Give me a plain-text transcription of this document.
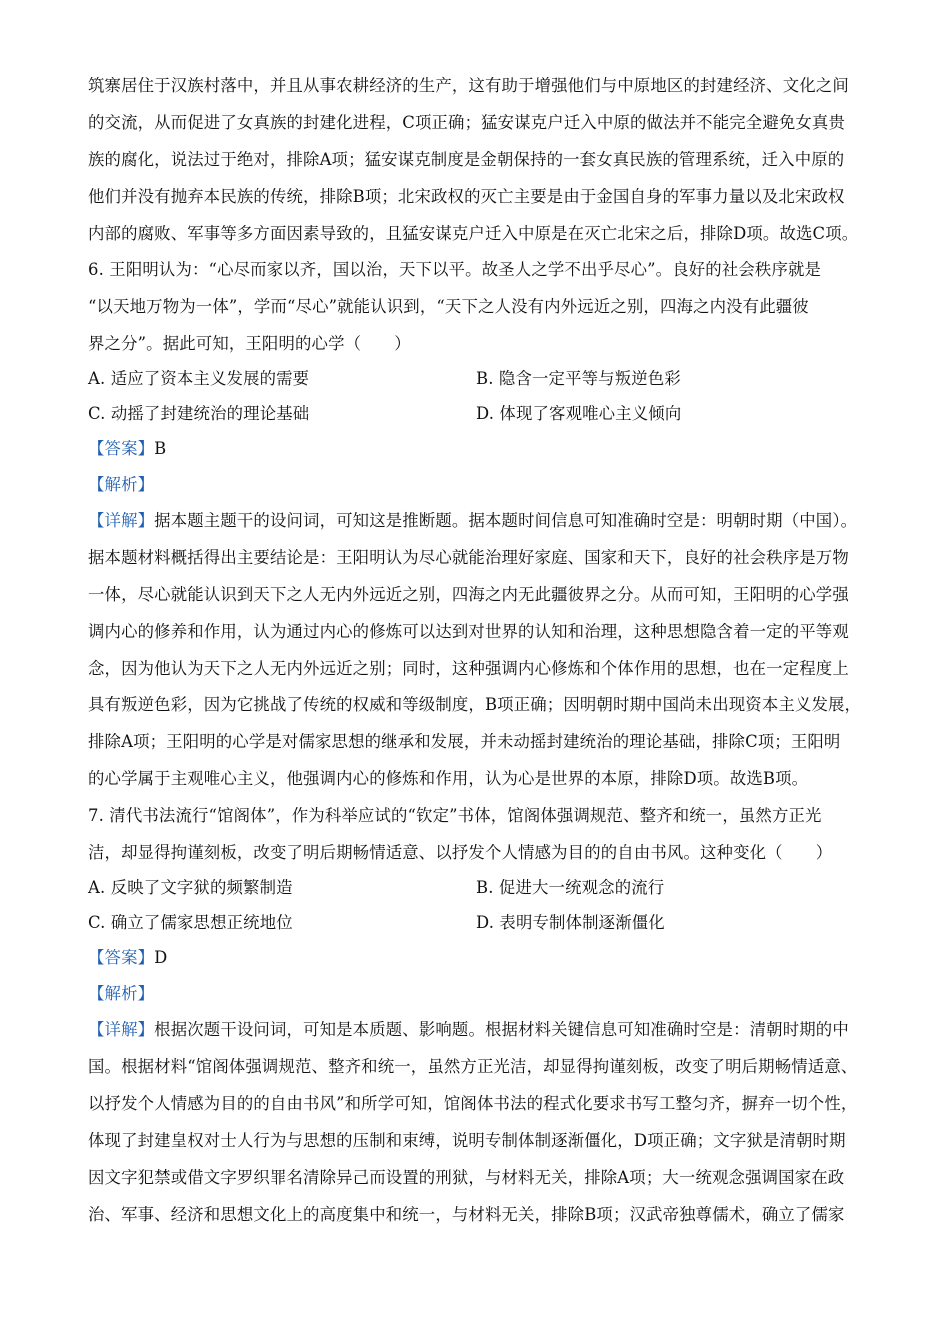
筑寨居住于汉族村落中，并且从事农耕经济的生产，这有助于增强他们与中原地区的封建经济、文化之间
的交流，从而促进了女真族的封建化进程，C项正确；猛安谋克户迁入中原的做法并不能完全避免女真贵
族的腐化，说法过于绝对，排除A项；猛安谋克制度是金朝保持的一套女真民族的管理系统，迁入中原的
他们并没有抛弃本民族的传统，排除B项；北宋政权的灭亡主要是由于金国自身的军事力量以及北宋政权
内部的腐败、军事等多方面因素导致的，且猛安谋克户迁入中原是在灭亡北宋之后，排除D项。故选C项。
6. 王阳明认为：“心尽而家以齐，国以治，天下以平。故圣人之学不出乎尽心”。良好的社会秩序就是
“以天地万物为一体”，学而“尽心”就能认识到，“天下之人没有内外远近之别，四海之内没有此疆彼
界之分”。据此可知，王阳明的心学（　　）
A. 适应了资本主义发展的需要	B. 隐含一定平等与叛逆色彩
C. 动摇了封建统治的理论基础	D. 体现了客观唯心主义倾向
【答案】B
【解析】
【详解】据本题主题干的设问词，可知这是推断题。据本题时间信息可知准确时空是：明朝时期（中国）。
据本题材料概括得出主要结论是：王阳明认为尽心就能治理好家庭、国家和天下，良好的社会秩序是万物
一体，尽心就能认识到天下之人无内外远近之别，四海之内无此疆彼界之分。从而可知，王阳明的心学强
调内心的修养和作用，认为通过内心的修炼可以达到对世界的认知和治理，这种思想隐含着一定的平等观
念，因为他认为天下之人无内外远近之别；同时，这种强调内心修炼和个体作用的思想，也在一定程度上
具有叛逆色彩，因为它挑战了传统的权威和等级制度，B项正确；因明朝时期中国尚未出现资本主义发展，
排除A项；王阳明的心学是对儒家思想的继承和发展，并未动摇封建统治的理论基础，排除C项；王阳明
的心学属于主观唯心主义，他强调内心的修炼和作用，认为心是世界的本原，排除D项。故选B项。
7. 清代书法流行“馆阁体”，作为科举应试的“钦定”书体，馆阁体强调规范、整齐和统一，虽然方正光
洁，却显得拘谨刻板，改变了明后期畅情适意、以抒发个人情感为目的的自由书风。这种变化（　　）
A. 反映了文字狱的频繁制造	B. 促进大一统观念的流行
C. 确立了儒家思想正统地位	D. 表明专制体制逐渐僵化
【答案】D
【解析】
【详解】根据次题干设问词，可知是本质题、影响题。根据材料关键信息可知准确时空是：清朝时期的中
国。根据材料“馆阁体强调规范、整齐和统一，虽然方正光洁，却显得拘谨刻板，改变了明后期畅情适意、
以抒发个人情感为目的的自由书风”和所学可知，馆阁体书法的程式化要求书写工整匀齐，摒弃一切个性，
体现了封建皇权对士人行为与思想的压制和束缚，说明专制体制逐渐僵化，D项正确；文字狱是清朝时期
因文字犯禁或借文字罗织罪名清除异己而设置的刑狱，与材料无关，排除A项；大一统观念强调国家在政
治、军事、经济和思想文化上的高度集中和统一，与材料无关，排除B项；汉武帝独尊儒术，确立了儒家
